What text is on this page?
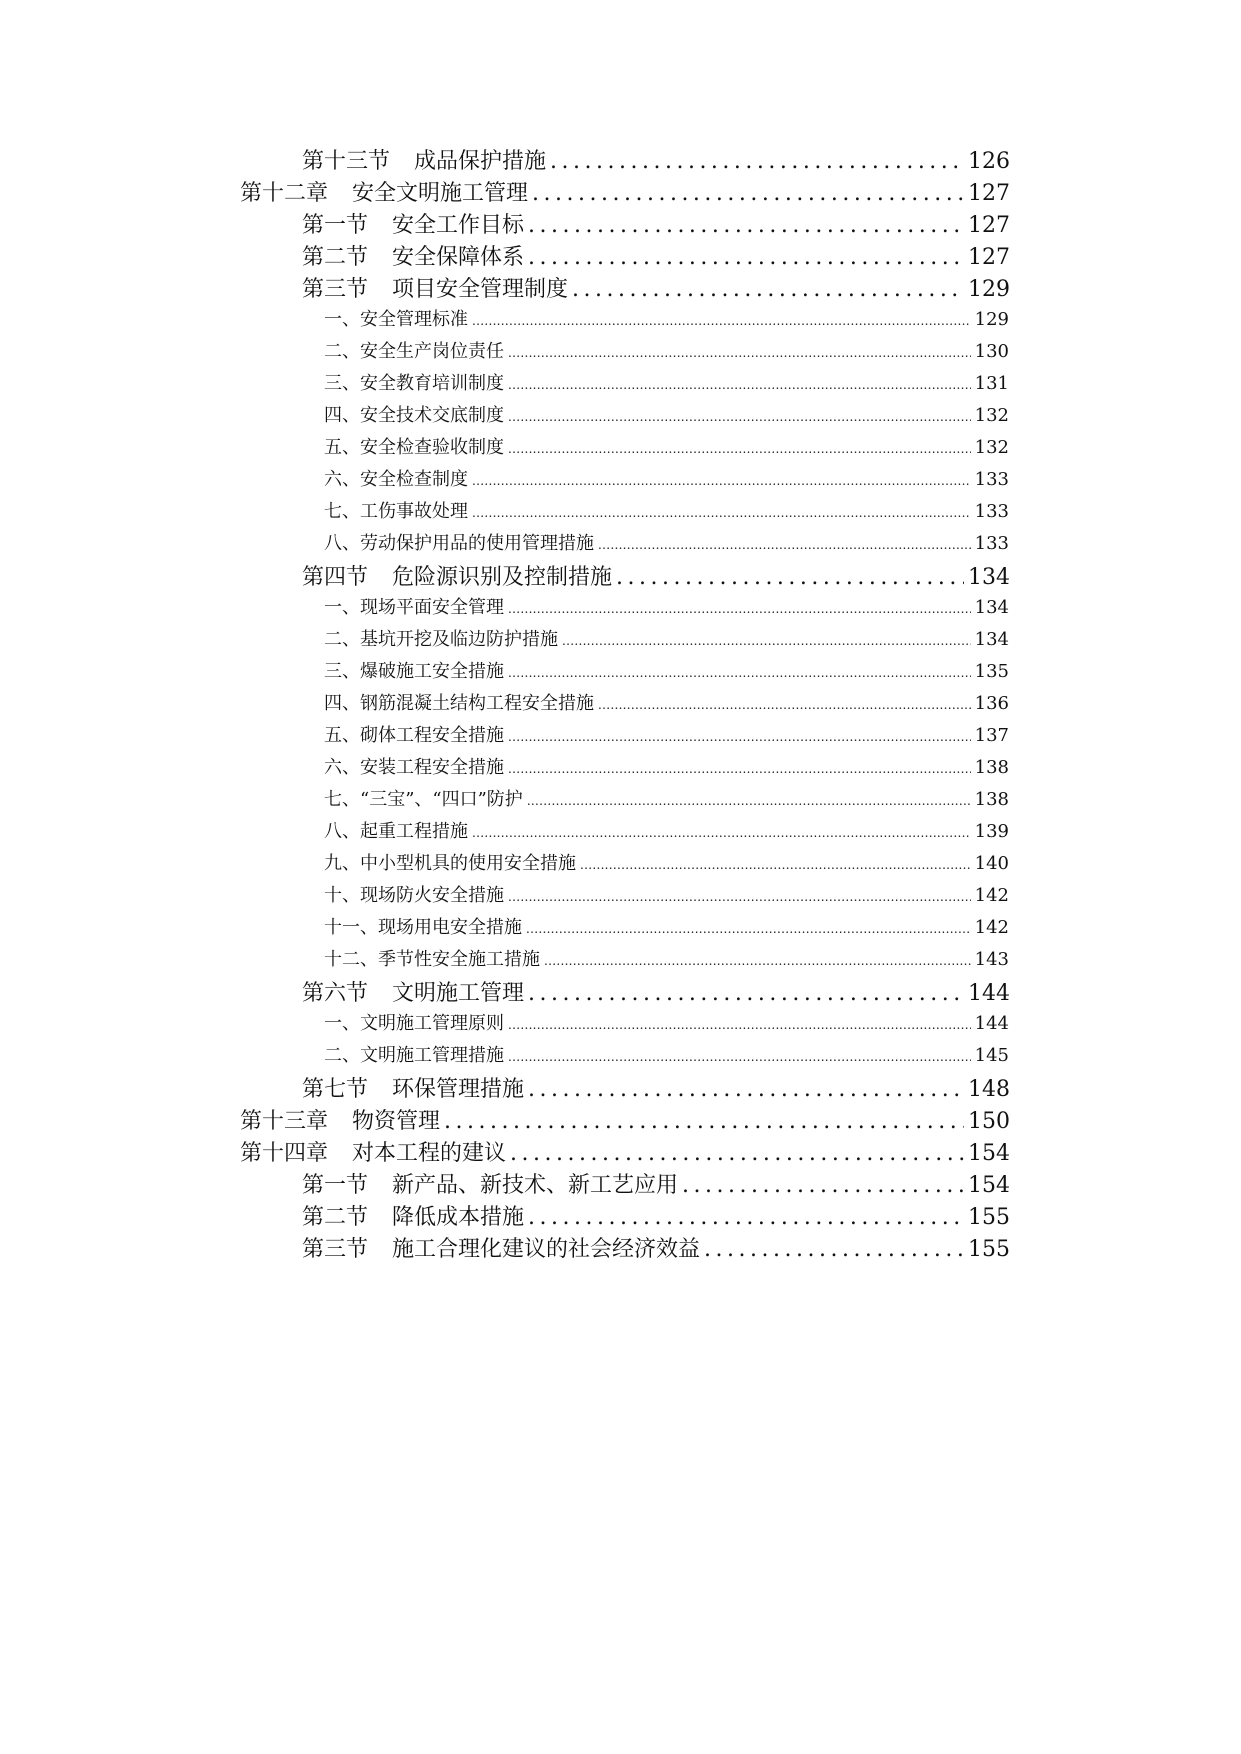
第十三节 成品保护措施 .....	126
第十二章 安全文明施工管理 .....	127
第一节 安全工作目标 .....	127
第二节 安全保障体系 .....	127
第三节 项目安全管理制度 .....	129
一、安全管理标准 .....	129
二、安全生产岗位责任 .....	130
三、安全教育培训制度 .....	131
四、安全技术交底制度 .....	132
五、安全检查验收制度 .....	132
六、安全检查制度 .....	133
七、工伤事故处理 .....	133
八、劳动保护用品的使用管理措施 .....	133
第四节 危险源识别及控制措施 .....	134
一、现场平面安全管理 .....	134
二、基坑开挖及临边防护措施 .....	134
三、爆破施工安全措施 .....	135
四、钢筋混凝土结构工程安全措施 .....	136
五、砌体工程安全措施 .....	137
六、安装工程安全措施 .....	138
七、“三宝”、“四口”防护 .....	138
八、起重工程措施 .....	139
九、中小型机具的使用安全措施 .....	140
十、现场防火安全措施 .....	142
十一、现场用电安全措施 .....	142
十二、季节性安全施工措施 .....	143
第六节 文明施工管理 .....	144
一、文明施工管理原则 .....	144
二、文明施工管理措施 .....	145
第七节 环保管理措施 .....	148
第十三章 物资管理 .....	150
第十四章 对本工程的建议 .....	154
第一节 新产品、新技术、新工艺应用 .....	154
第二节 降低成本措施 .....	155
第三节 施工合理化建议的社会经济效益 .....	155
